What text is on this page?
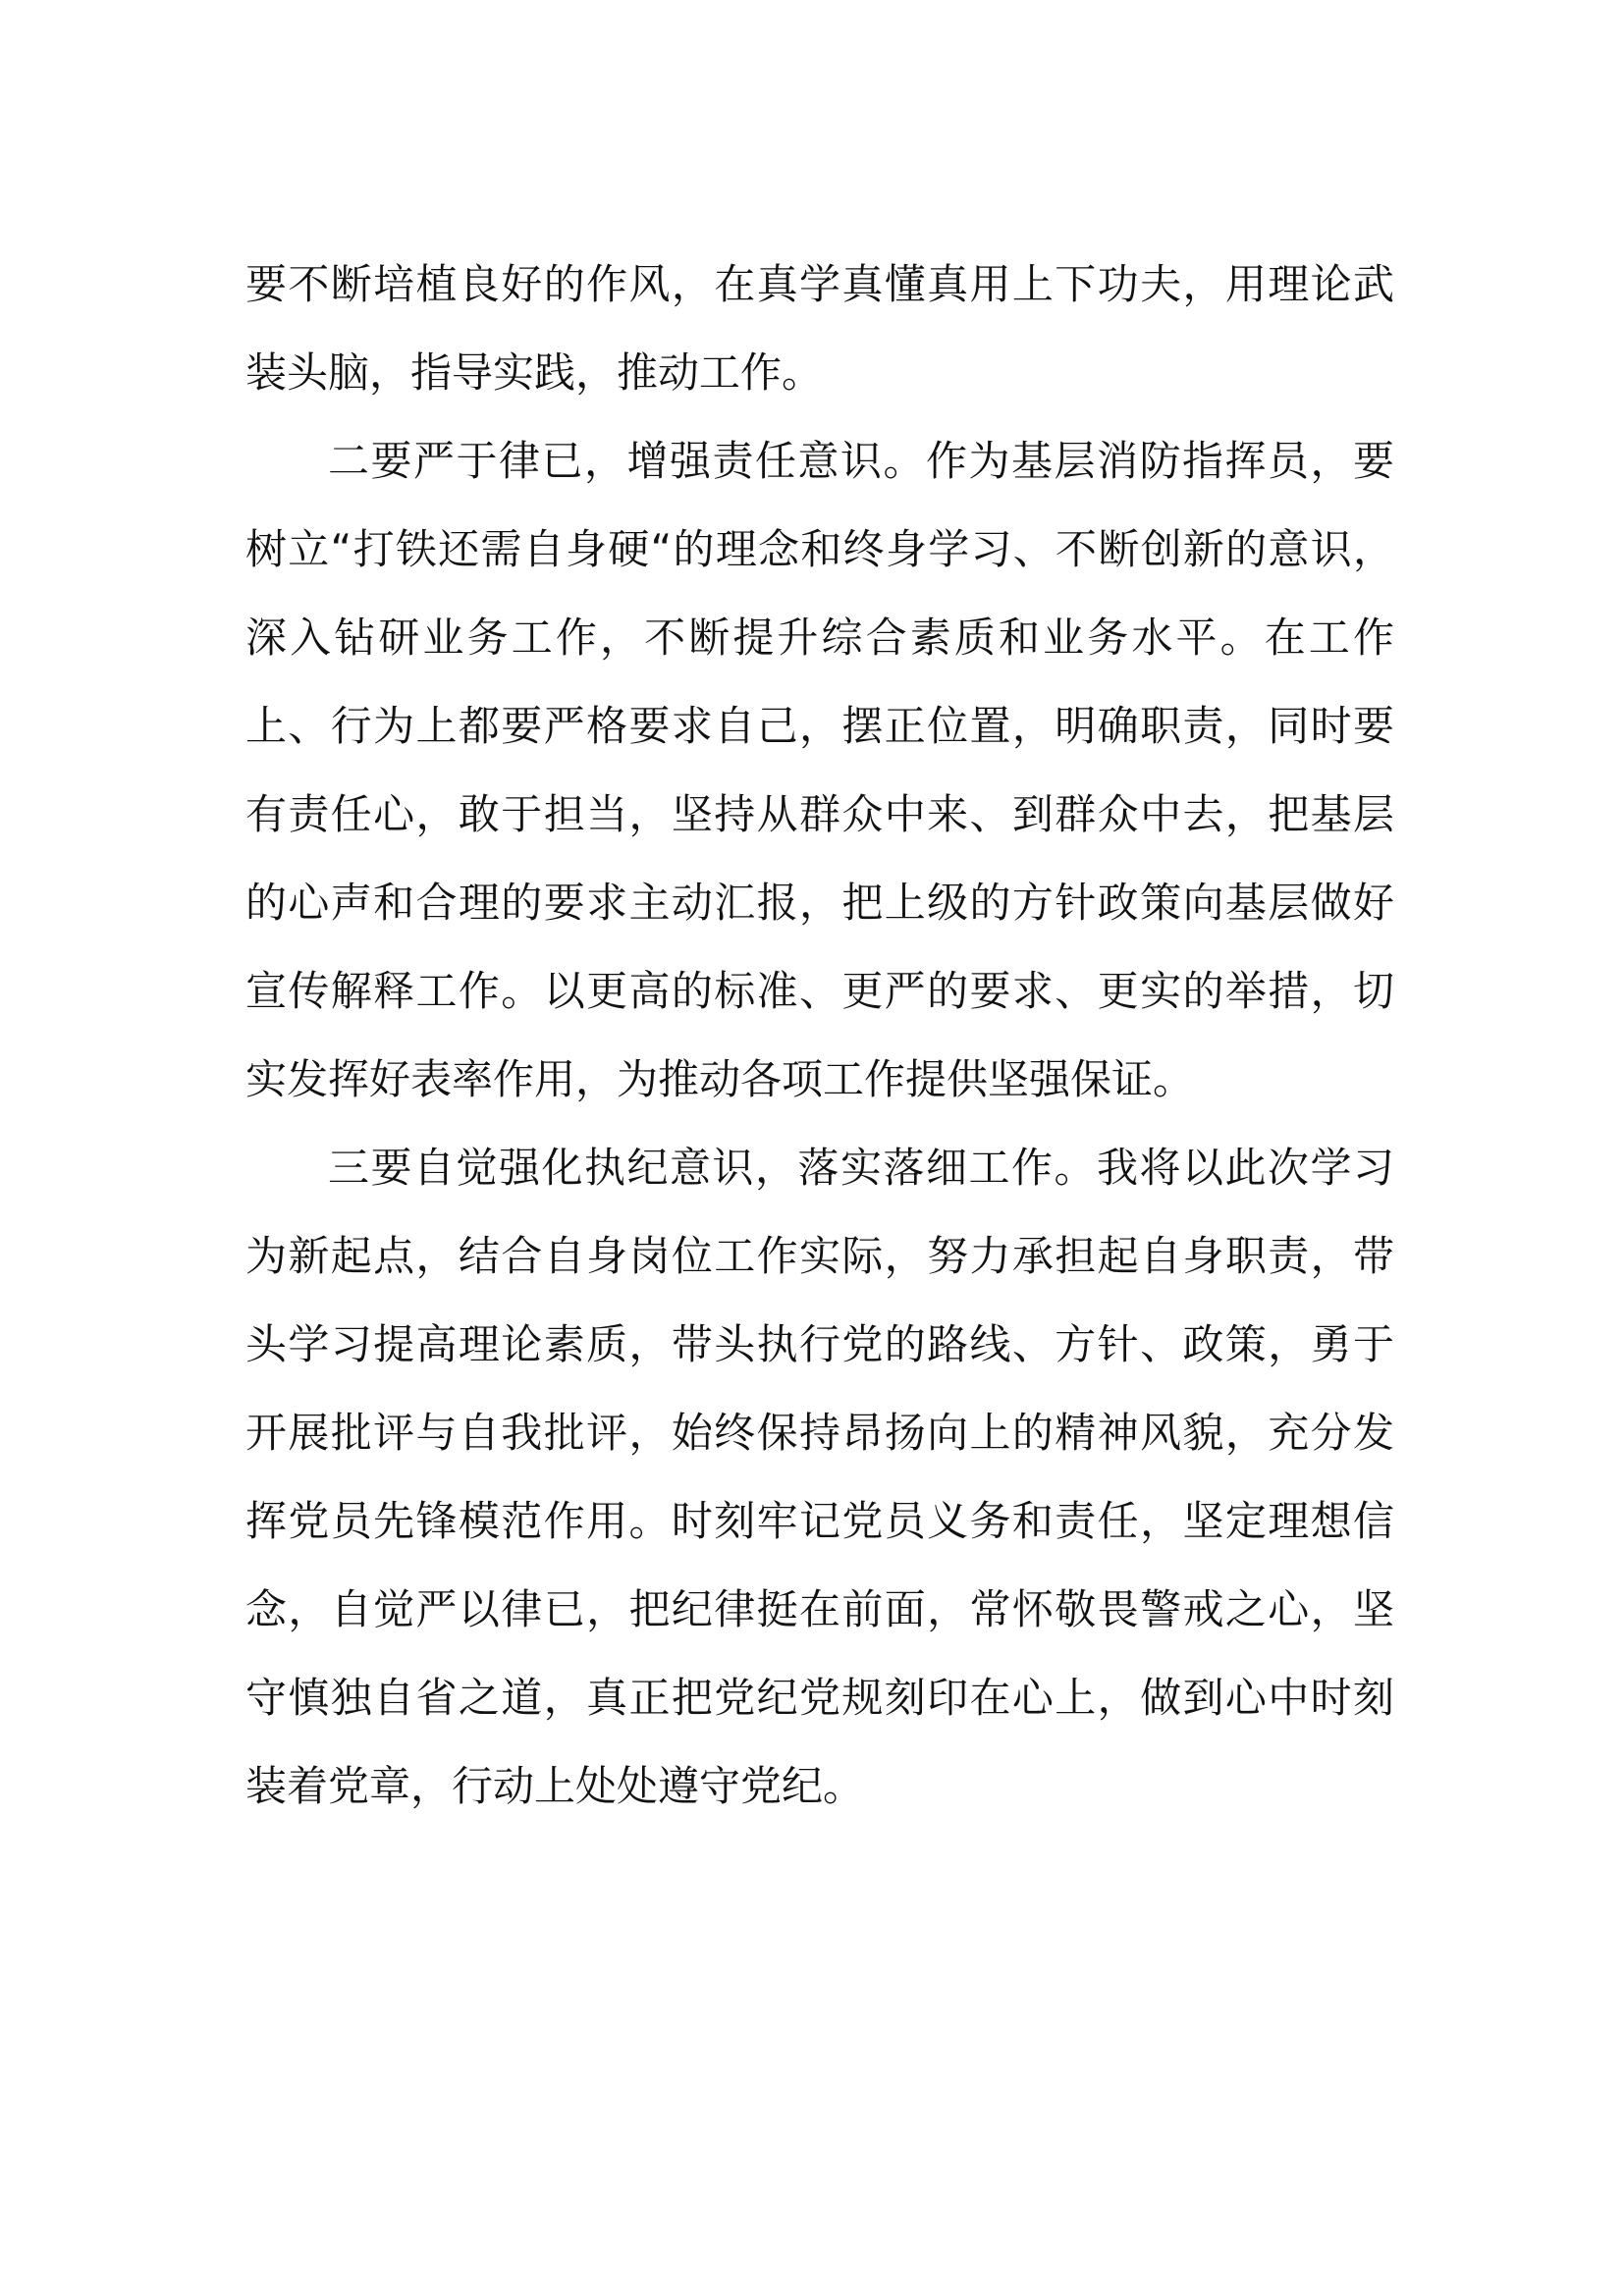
要不断培植良好的作风，在真学真懂真用上下功夫，用理论武装头脑，指导实践，推动工作。

二要严于律已，增强责任意识。作为基层消防指挥员，要树立“打铁还需自身硬“的理念和终身学习、不断创新的意识，深入钻研业务工作，不断提升综合素质和业务水平。在工作上、行为上都要严格要求自己，摆正位置，明确职责，同时要有责任心，敢于担当，坚持从群众中来、到群众中去，把基层的心声和合理的要求主动汇报，把上级的方针政策向基层做好宣传解释工作。以更高的标准、更严的要求、更实的举措，切实发挥好表率作用，为推动各项工作提供坚强保证。

三要自觉强化执纪意识，落实落细工作。我将以此次学习为新起点，结合自身岗位工作实际，努力承担起自身职责，带头学习提高理论素质，带头执行党的路线、方针、政策，勇于开展批评与自我批评，始终保持昂扬向上的精神风貌，充分发挥党员先锋模范作用。时刻牢记党员义务和责任，坚定理想信念，自觉严以律已，把纪律挺在前面，常怀敬畏警戒之心，坚守慎独自省之道，真正把党纪党规刻印在心上，做到心中时刻装着党章，行动上处处遵守党纪。
